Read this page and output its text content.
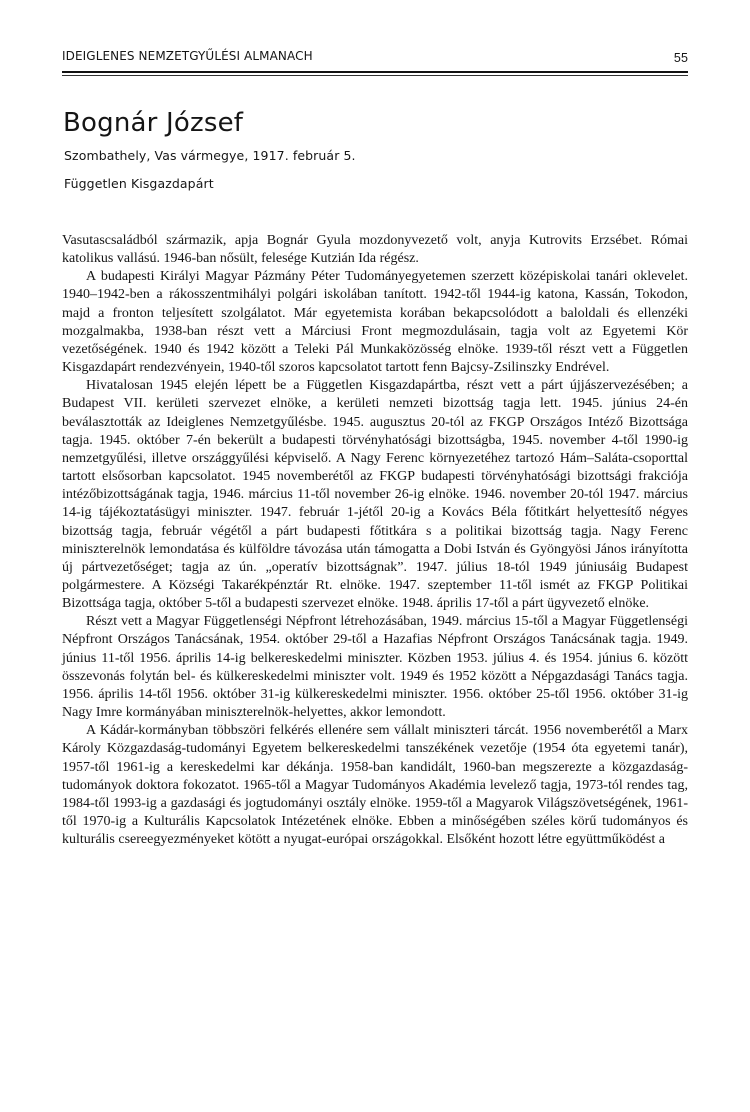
IDEIGLENES NEMZETGYŰLÉSI ALMANACH	55
Bognár József

Szombathely, Vas vármegye, 1917. február 5.

Független Kisgazdapárt

Vasutascsaládból származik, apja Bognár Gyula mozdonyvezető volt, anyja Kutrovits Erzsébet. Római katolikus vallású. 1946-ban nősült, felesége Kutzián Ida régész.

A budapesti Királyi Magyar Pázmány Péter Tudományegyetemen szerzett középiskolai tanári oklevelet. 1940–1942-ben a rákosszentmihályi polgári iskolában tanított. 1942-től 1944-ig katona, Kassán, Tokodon, majd a fronton teljesített szolgálatot. Már egyetemista korában bekapcsolódott a baloldali és ellenzéki mozgalmakba, 1938-ban részt vett a Márciusi Front megmozdulásain, tagja volt az Egyetemi Kör vezetőségének. 1940 és 1942 között a Teleki Pál Munkaközösség elnöke. 1939-től részt vett a Független Kisgazdapárt rendezvényein, 1940-től szoros kapcsolatot tartott fenn Bajcsy-Zsilinszky Endrével.

Hivatalosan 1945 elején lépett be a Független Kisgazdapártba, részt vett a párt újjászervezésében; a Budapest VII. kerületi szervezet elnöke, a kerületi nemzeti bizottság tagja lett. 1945. június 24-én beválasztották az Ideiglenes Nemzetgyűlésbe. 1945. augusztus 20-tól az FKGP Országos Intéző Bizottsága tagja. 1945. október 7-én bekerült a budapesti törvényhatósági bizottságba, 1945. november 4-től 1990-ig nemzetgyűlési, illetve országgyűlési képviselő. A Nagy Ferenc környezetéhez tartozó Hám–Saláta-csoporttal tartott elsősorban kapcsolatot. 1945 novemberétől az FKGP budapesti törvényhatósági bizottsági frakciója intézőbizottságának tagja, 1946. március 11-től november 26-ig elnöke. 1946. november 20-tól 1947. március 14-ig tájékoztatásügyi miniszter. 1947. február 1-jétől 20-ig a Kovács Béla főtitkárt helyettesítő négyes bizottság tagja, február végétől a párt budapesti főtitkára s a politikai bizottság tagja. Nagy Ferenc miniszterelnök lemondatása és külföldre távozása után támogatta a Dobi István és Gyöngyösi János irányította új pártvezetőséget; tagja az ún. „operatív bizottságnak”. 1947. július 18-tól 1949 júniusáig Budapest polgármestere. A Községi Takarékpénztár Rt. elnöke. 1947. szeptember 11-től ismét az FKGP Politikai Bizottsága tagja, október 5-től a budapesti szervezet elnöke. 1948. április 17-től a párt ügyvezető elnöke.

Részt vett a Magyar Függetlenségi Népfront létrehozásában, 1949. március 15-től a Magyar Függetlenségi Népfront Országos Tanácsának, 1954. október 29-től a Hazafias Népfront Országos Tanácsának tagja. 1949. június 11-től 1956. április 14-ig belkereskedelmi miniszter. Közben 1953. július 4. és 1954. június 6. között összevonás folytán bel- és külkereskedelmi miniszter volt. 1949 és 1952 között a Népgazdasági Tanács tagja. 1956. április 14-től 1956. október 31-ig külkereskedelmi miniszter. 1956. október 25-től 1956. október 31-ig Nagy Imre kormányában miniszterelnök-helyettes, akkor lemondott.

A Kádár-kormányban többszöri felkérés ellenére sem vállalt miniszteri tárcát. 1956 novemberétől a Marx Károly Közgazdaság-tudományi Egyetem belkereskedelmi tanszékének vezetője (1954 óta egyetemi tanár), 1957-től 1961-ig a kereskedelmi kar dékánja. 1958-ban kandidált, 1960-ban megszerezte a közgazdaság-tudományok doktora fokozatot. 1965-től a Magyar Tudományos Akadémia levelező tagja, 1973-tól rendes tag, 1984-től 1993-ig a gazdasági és jogtudományi osztály elnöke. 1959-től a Magyarok Világszövetségének, 1961-től 1970-ig a Kulturális Kapcsolatok Intézetének elnöke. Ebben a minőségében széles körű tudományos és kulturális csereegyezményeket kötött a nyugat-európai országokkal. Elsőként hozott létre együttműködést a
